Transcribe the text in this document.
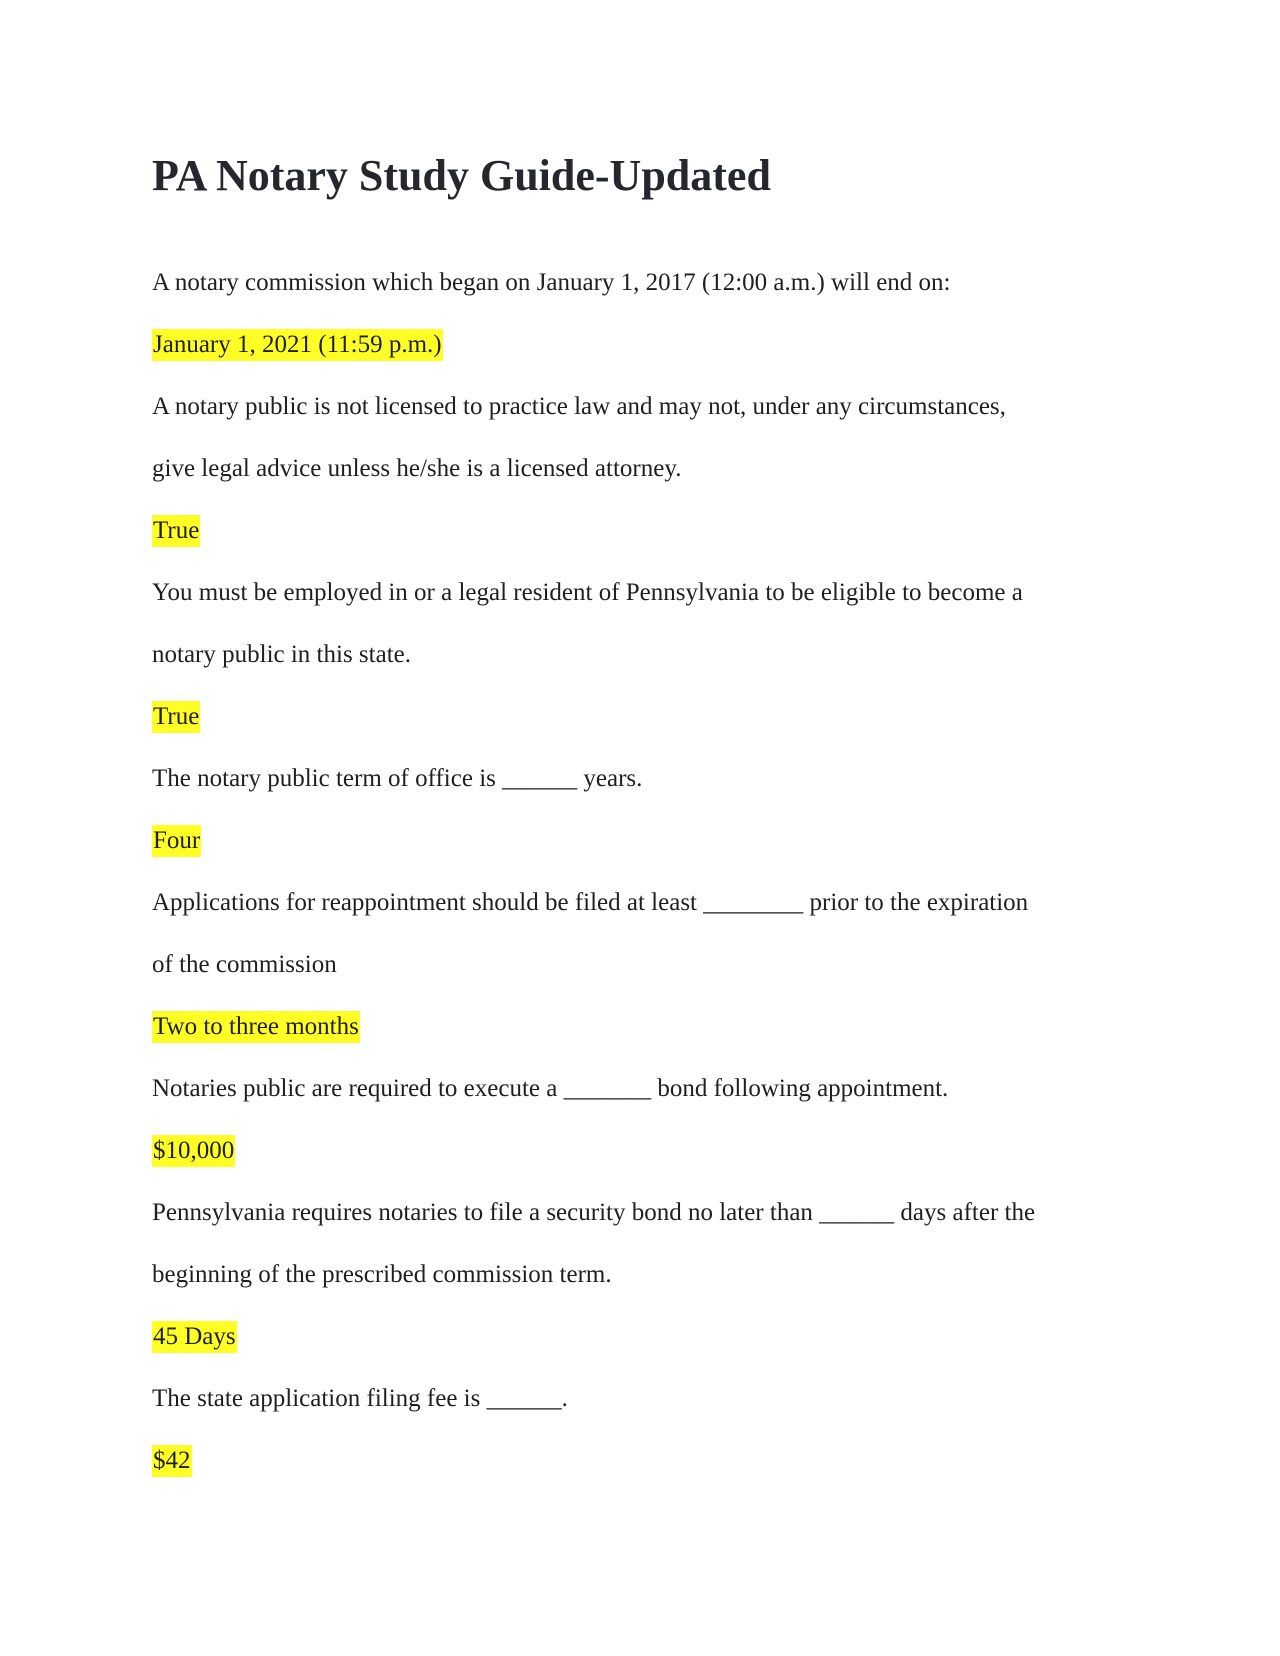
PA Notary Study Guide-Updated
A notary commission which began on January 1, 2017 (12:00 a.m.) will end on:
January 1, 2021 (11:59 p.m.)
A notary public is not licensed to practice law and may not, under any circumstances,
give legal advice unless he/she is a licensed attorney.
True
You must be employed in or a legal resident of Pennsylvania to be eligible to become a
notary public in this state.
True
The notary public term of office is ______ years.
Four
Applications for reappointment should be filed at least ________ prior to the expiration
of the commission
Two to three months
Notaries public are required to execute a _______ bond following appointment.
$10,000
Pennsylvania requires notaries to file a security bond no later than ______ days after the
beginning of the prescribed commission term.
45 Days
The state application filing fee is ______.
$42
